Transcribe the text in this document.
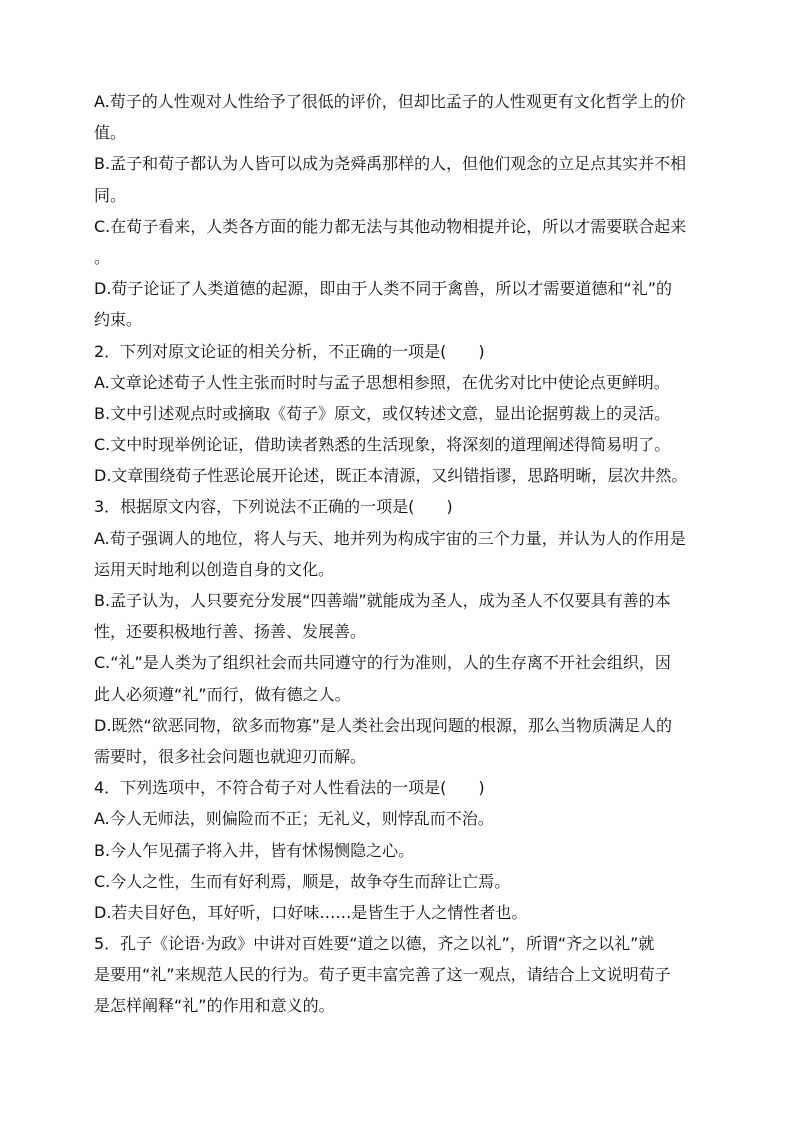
A.荀子的人性观对人性给予了很低的评价，但却比孟子的人性观更有文化哲学上的价
值。
B.孟子和荀子都认为人皆可以成为尧舜禹那样的人，但他们观念的立足点其实并不相
同。
C.在荀子看来，人类各方面的能力都无法与其他动物相提并论，所以才需要联合起来
。
D.荀子论证了人类道德的起源，即由于人类不同于禽兽，所以才需要道德和“礼”的
约束。
2．下列对原文论证的相关分析，不正确的一项是(　　)
A.文章论述荀子人性主张而时时与孟子思想相参照，在优劣对比中使论点更鲜明。
B.文中引述观点时或摘取《荀子》原文，或仅转述文意，显出论据剪裁上的灵活。
C.文中时现举例论证，借助读者熟悉的生活现象，将深刻的道理阐述得简易明了。
D.文章围绕荀子性恶论展开论述，既正本清源，又纠错指谬，思路明晰，层次井然。
3．根据原文内容，下列说法不正确的一项是(　　)
A.荀子强调人的地位，将人与天、地并列为构成宇宙的三个力量，并认为人的作用是
运用天时地利以创造自身的文化。
B.孟子认为，人只要充分发展“四善端”就能成为圣人，成为圣人不仅要具有善的本
性，还要积极地行善、扬善、发展善。
C.“礼”是人类为了组织社会而共同遵守的行为准则，人的生存离不开社会组织，因
此人必须遵“礼”而行，做有德之人。
D.既然“欲恶同物，欲多而物寡”是人类社会出现问题的根源，那么当物质满足人的
需要时，很多社会问题也就迎刃而解。
4．下列选项中，不符合荀子对人性看法的一项是(　　)
A.今人无师法，则偏险而不正；无礼义，则悖乱而不治。
B.今人乍见孺子将入井，皆有怵惕恻隐之心。
C.今人之性，生而有好利焉，顺是，故争夺生而辞让亡焉。
D.若夫目好色，耳好听，口好味……是皆生于人之情性者也。
5．孔子《论语·为政》中讲对百姓要“道之以德，齐之以礼”，所谓“齐之以礼”就
是要用“礼”来规范人民的行为。荀子更丰富完善了这一观点，请结合上文说明荀子
是怎样阐释“礼”的作用和意义的。
